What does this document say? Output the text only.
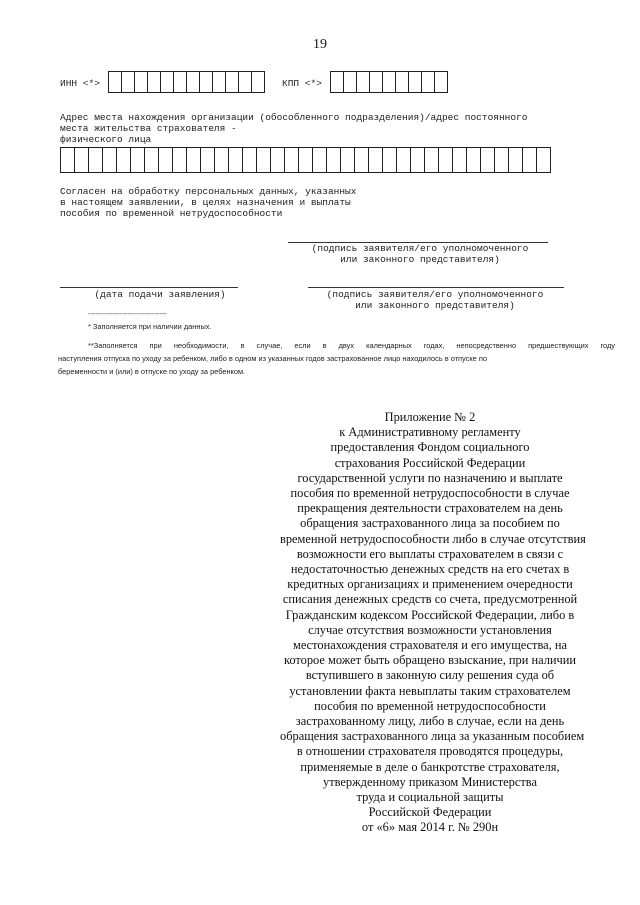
19
ИНН <*>	КПП <*>
Адрес места нахождения организации (обособленного подразделения)/адрес постоянного
места жительства страхователя -
физического лица
Согласен на обработку персональных данных, указанных
в настоящем заявлении, в целях назначения и выплаты
пособия по временной нетрудоспособности
(подпись заявителя/его уполномоченного
или законного представителя)
(дата подачи заявления)	(подпись заявителя/его уполномоченного
или законного представителя)
--------------------------------
* Заполняется при наличии данных.
**Заполняется при необходимости, в случае, если в двух календарных годах, непосредственно предшествующих году
наступления отпуска по уходу за ребенком, либо в одном из указанных годов застрахованное лицо находилось в отпуске по
беременности и (или) в отпуске по уходу за ребенком.
Приложение № 2
к Административному регламенту
предоставления Фондом социального
страхования Российской Федерации
государственной услуги по назначению и выплате
пособия по временной нетрудоспособности в случае
прекращения деятельности страхователем на день
обращения застрахованного лица за пособием по
временной нетрудоспособности либо в случае отсутствия
возможности его выплаты страхователем в связи с
недостаточностью денежных средств на его счетах в
кредитных организациях и применением очередности
списания денежных средств со счета, предусмотренной
Гражданским кодексом Российской Федерации, либо в
случае отсутствия возможности установления
местонахождения страхователя и его имущества, на
которое может быть обращено взыскание, при наличии
вступившего в законную силу решения суда об
установлении факта невыплаты таким страхователем
пособия по временной нетрудоспособности
застрахованному лицу, либо в случае, если на день
обращения застрахованного лица за указанным пособием
в отношении страхователя проводятся процедуры,
применяемые в деле о банкротстве страхователя,
утвержденному приказом Министерства
труда и социальной защиты
Российской Федерации
от «6» мая 2014 г. № 290н
